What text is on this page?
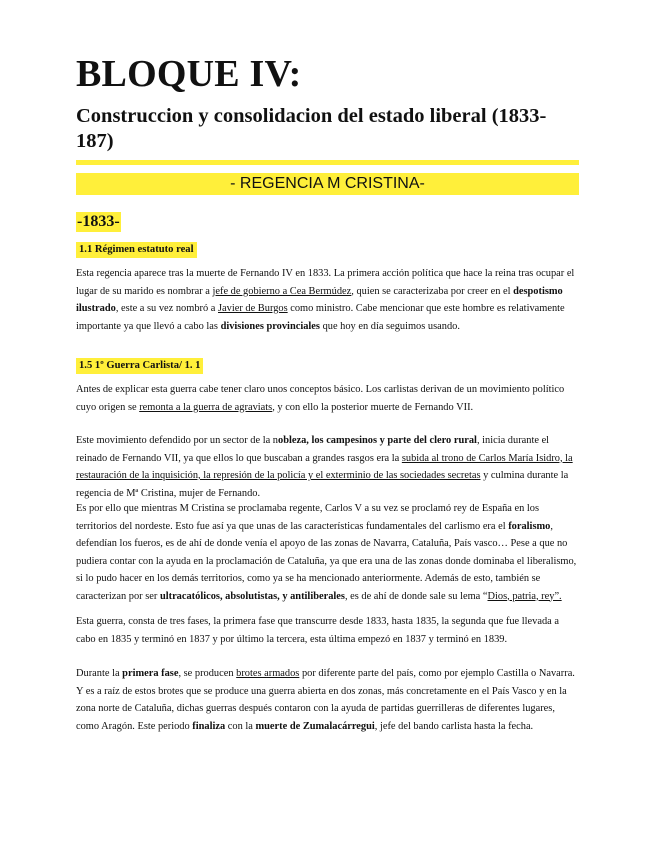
BLOQUE IV:
Construccion y consolidacion del estado liberal (1833-187)
- REGENCIA M CRISTINA-
-1833-
1.1 Régimen estatuto real

Esta regencia aparece tras la muerte de Fernando IV en 1833. La primera acción política que hace la reina tras ocupar el lugar de su marido es nombrar a jefe de gobierno a Cea Bermúdez, quien se caracterizaba por creer en el despotismo ilustrado, este a su vez nombró a Javier de Burgos como ministro. Cabe mencionar que este hombre es relativamente importante ya que llevó a cabo las divisiones provinciales que hoy en día seguimos usando.

1.5 1º Guerra Carlista/ 1. 1

Antes de explicar esta guerra cabe tener claro unos conceptos básico. Los carlistas derivan de un movimiento político cuyo origen se remonta a la guerra de agraviats, y con ello la posterior muerte de Fernando VII.

Este movimiento defendido por un sector de la nobleza, los campesinos y parte del clero rural, inicia durante el reinado de Fernando VII, ya que ellos lo que buscaban a grandes rasgos era la subida al trono de Carlos María Isidro, la restauración de la inquisición, la represión de la policía y el exterminio de las sociedades secretas y culmina durante la regencia de Mª Cristina, mujer de Fernando.

Es por ello que mientras M Cristina se proclamaba regente, Carlos V a su vez se proclamó rey de España en los territorios del nordeste. Esto fue así ya que unas de las características fundamentales del carlismo era el foralismo, defendían los fueros, es de ahí de donde venía el apoyo de las zonas de Navarra, Cataluña, País vasco… Pese a que no pudiera contar con la ayuda en la proclamación de Cataluña, ya que era una de las zonas donde dominaba el liberalismo, si lo pudo hacer en los demás territorios, como ya se ha mencionado anteriormente. Además de esto, también se caracterizan por ser ultracatólicos, absolutistas, y antiliberales, es de ahí de donde sale su lema “Dios, patria, rey”.

Esta guerra, consta de tres fases, la primera fase que transcurre desde 1833, hasta 1835, la segunda que fue llevada a cabo en 1835 y terminó en 1837 y por último la tercera, esta última empezó en 1837 y terminó en 1839.

Durante la primera fase, se producen brotes armados por diferente parte del país, como por ejemplo Castilla o Navarra. Y es a raíz de estos brotes que se produce una guerra abierta en dos zonas, más concretamente en el País Vasco y en la zona norte de Cataluña, dichas guerras después contaron con la ayuda de partidas guerrilleras de diferentes lugares, como Aragón. Este periodo finaliza con la muerte de Zumalacárregui, jefe del bando carlista hasta la fecha.
